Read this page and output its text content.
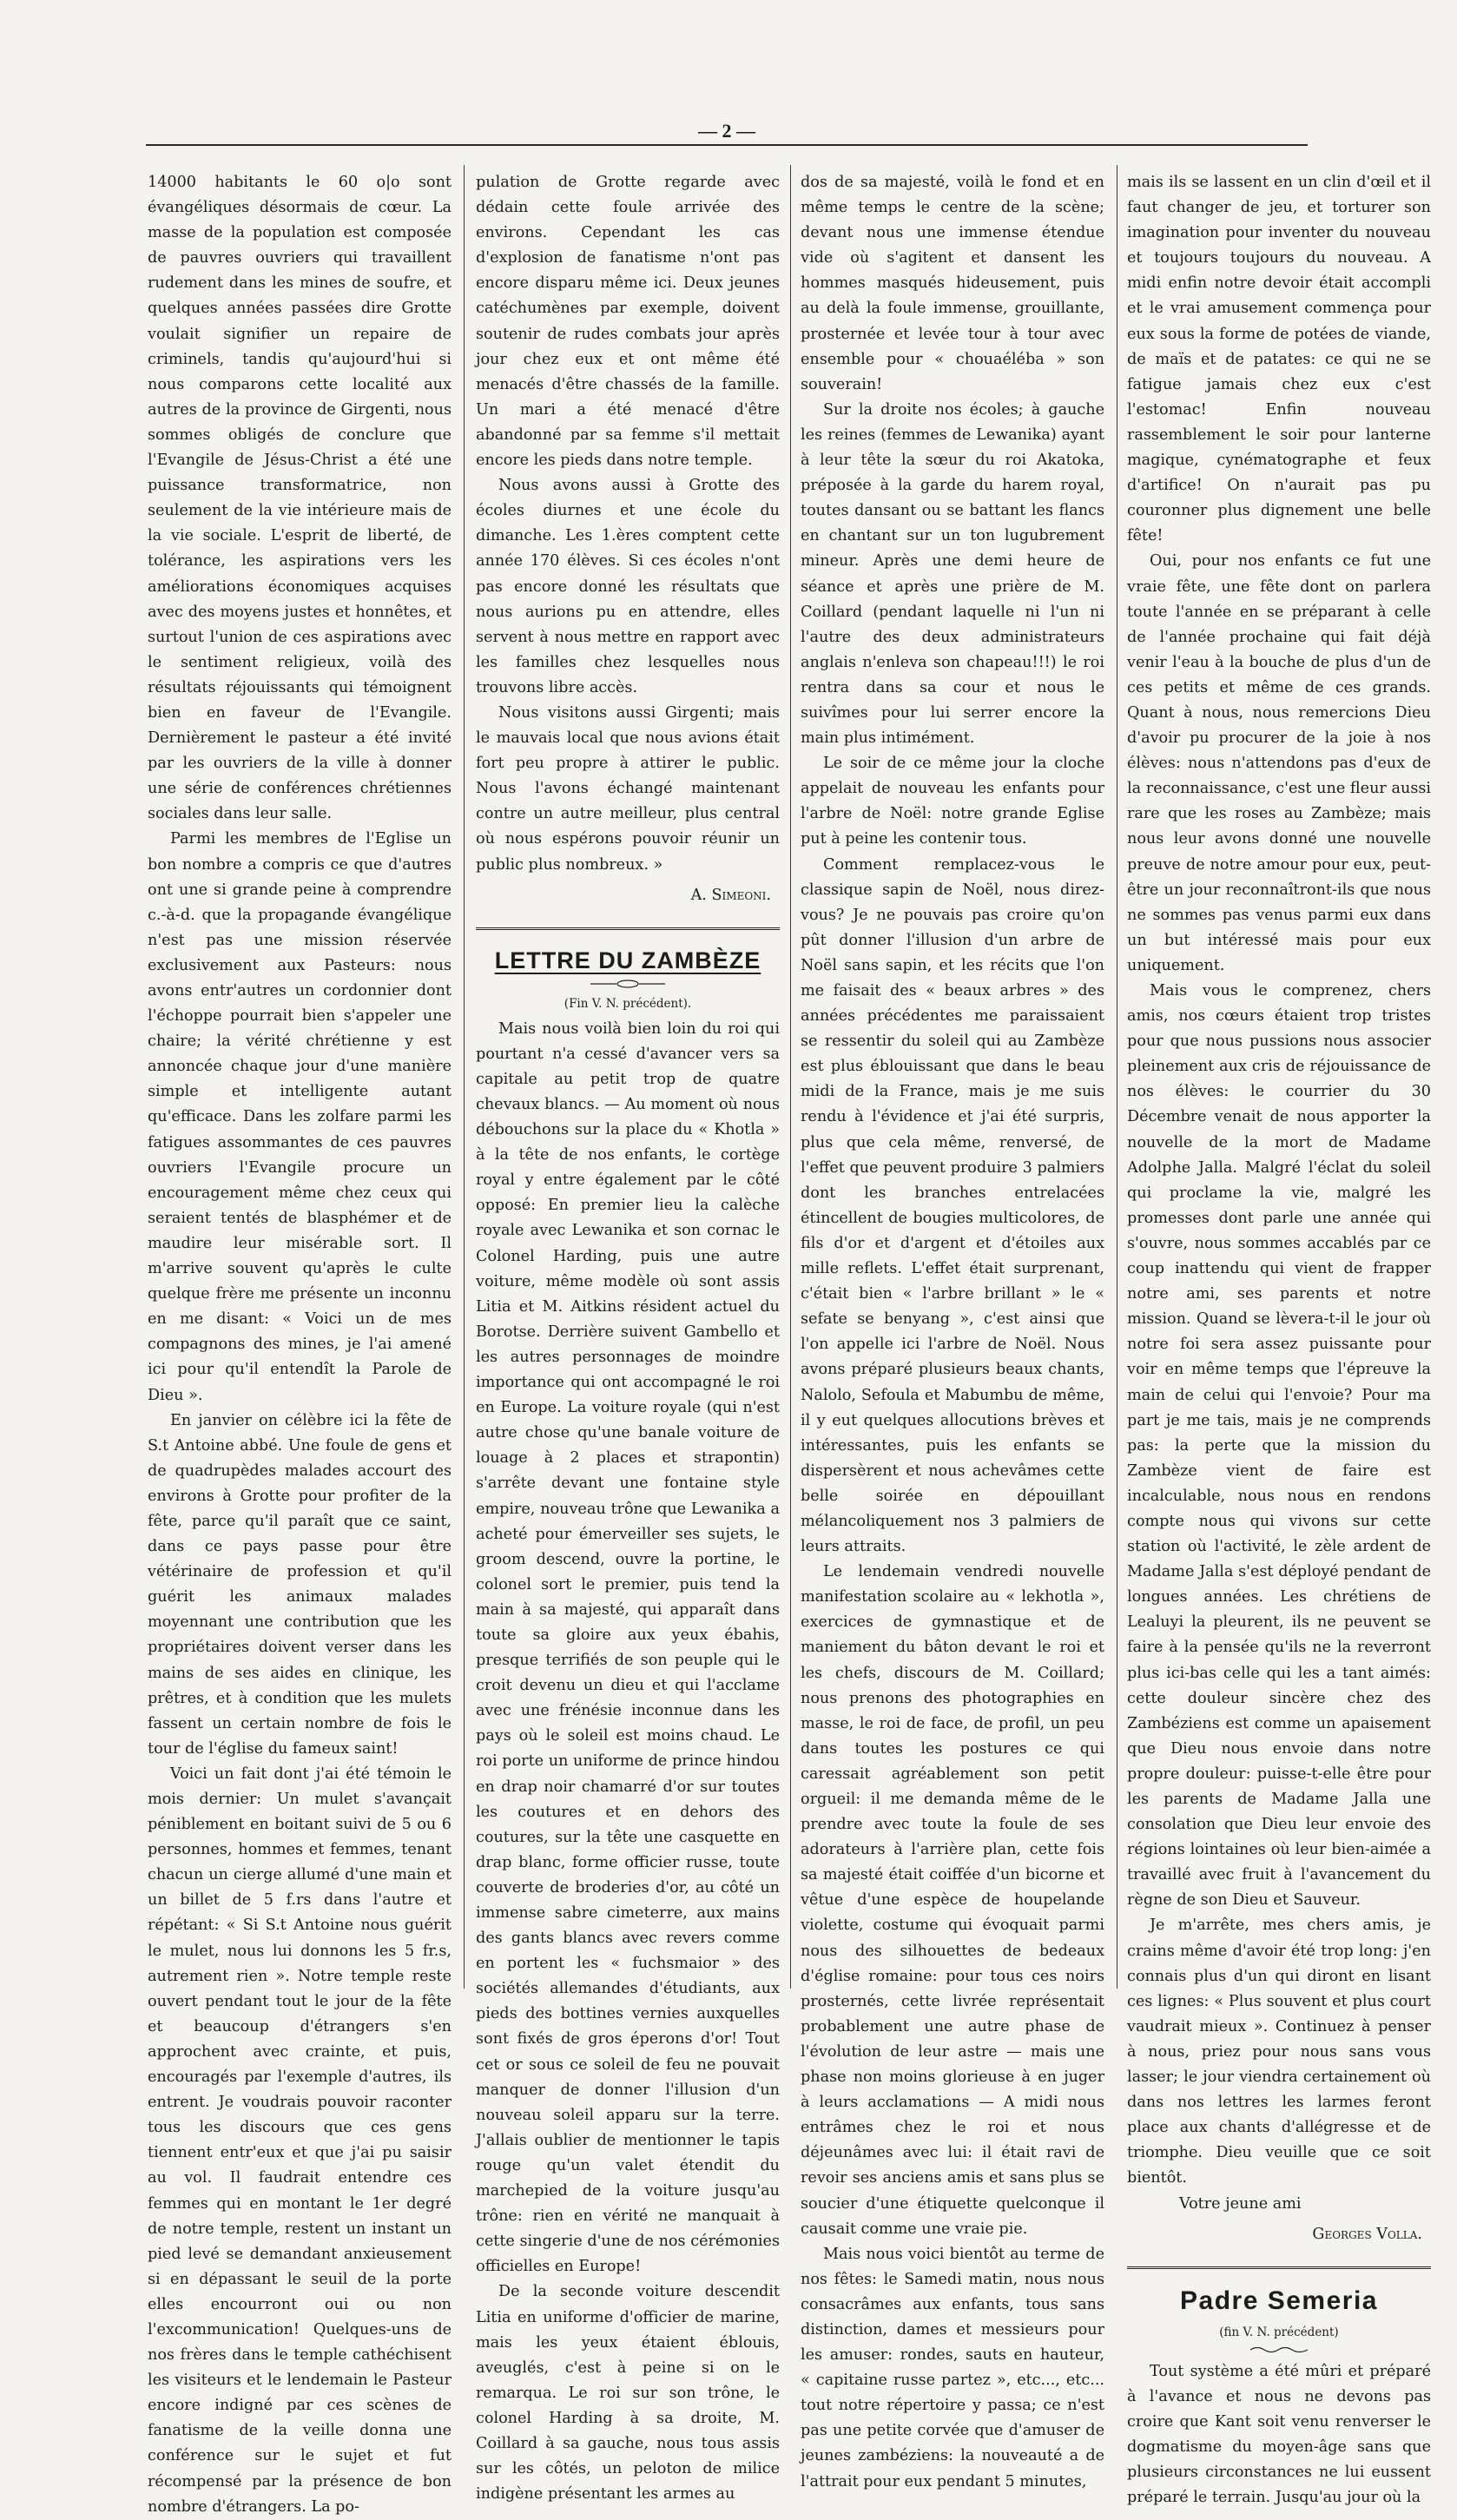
— 2 —

14000 habitants le 60 o|o sont évangéliques désormais de cœur. La masse de la population est composée de pauvres ouvriers qui travaillent rudement dans les mines de soufre, et quelques années passées dire Grotte voulait signifier un repaire de criminels, tandis qu'aujourd'hui si nous comparons cette localité aux autres de la province de Girgenti, nous sommes obligés de conclure que l'Evangile de Jésus-Christ a été une puissance transformatrice, non seulement de la vie intérieure mais de la vie sociale. L'esprit de liberté, de tolérance, les aspirations vers les améliorations économiques acquises avec des moyens justes et honnêtes, et surtout l'union de ces aspirations avec le sentiment religieux, voilà des résultats réjouissants qui témoignent bien en faveur de l'Evangile. Dernièrement le pasteur a été invité par les ouvriers de la ville à donner une série de conférences chrétiennes sociales dans leur salle.

Parmi les membres de l'Eglise un bon nombre a compris ce que d'autres ont une si grande peine à comprendre c.-à-d. que la propagande évangélique n'est pas une mission réservée exclusivement aux Pasteurs: nous avons entr'autres un cordonnier dont l'échoppe pourrait bien s'appeler une chaire; la vérité chrétienne y est annoncée chaque jour d'une manière simple et intelligente autant qu'efficace. Dans les zolfare parmi les fatigues assommantes de ces pauvres ouvriers l'Evangile procure un encouragement même chez ceux qui seraient tentés de blasphémer et de maudire leur misérable sort. Il m'arrive souvent qu'après le culte quelque frère me présente un inconnu en me disant: « Voici un de mes compagnons des mines, je l'ai amené ici pour qu'il entendît la Parole de Dieu ».

En janvier on célèbre ici la fête de S.t Antoine abbé. Une foule de gens et de quadrupèdes malades accourt des environs à Grotte pour profiter de la fête, parce qu'il paraît que ce saint, dans ce pays passe pour être vétérinaire de profession et qu'il guérit les animaux malades moyennant une contribution que les propriétaires doivent verser dans les mains de ses aides en clinique, les prêtres, et à condition que les mulets fassent un certain nombre de fois le tour de l'église du fameux saint!

Voici un fait dont j'ai été témoin le mois dernier: Un mulet s'avançait péniblement en boitant suivi de 5 ou 6 personnes, hommes et femmes, tenant chacun un cierge allumé d'une main et un billet de 5 f.rs dans l'autre et répétant: « Si S.t Antoine nous guérit le mulet, nous lui donnons les 5 fr.s, autrement rien ». Notre temple reste ouvert pendant tout le jour de la fête et beaucoup d'étrangers s'en approchent avec crainte, et puis, encouragés par l'exemple d'autres, ils entrent. Je voudrais pouvoir raconter tous les discours que ces gens tiennent entr'eux et que j'ai pu saisir au vol. Il faudrait entendre ces femmes qui en montant le 1er degré de notre temple, restent un instant un pied levé se demandant anxieusement si en dépassant le seuil de la porte elles encourront oui ou non l'excommunication! Quelques-uns de nos frères dans le temple cathéchisent les visiteurs et le lendemain le Pasteur encore indigné par ces scènes de fanatisme de la veille donna une conférence sur le sujet et fut récompensé par la présence de bon nombre d'étrangers. La po-

pulation de Grotte regarde avec dédain cette foule arrivée des environs. Cependant les cas d'explosion de fanatisme n'ont pas encore disparu même ici. Deux jeunes catéchumènes par exemple, doivent soutenir de rudes combats jour après jour chez eux et ont même été menacés d'être chassés de la famille. Un mari a été menacé d'être abandonné par sa femme s'il mettait encore les pieds dans notre temple.

Nous avons aussi à Grotte des écoles diurnes et une école du dimanche. Les 1.ères comptent cette année 170 élèves. Si ces écoles n'ont pas encore donné les résultats que nous aurions pu en attendre, elles servent à nous mettre en rapport avec les familles chez lesquelles nous trouvons libre accès.

Nous visitons aussi Girgenti; mais le mauvais local que nous avions était fort peu propre à attirer le public. Nous l'avons échangé maintenant contre un autre meilleur, plus central où nous espérons pouvoir réunir un public plus nombreux. »

A. Simeoni.

LETTRE DU ZAMBÈZE

(Fin V. N. précédent).

Mais nous voilà bien loin du roi qui pourtant n'a cessé d'avancer vers sa capitale au petit trop de quatre chevaux blancs. — Au moment où nous débouchons sur la place du « Khotla » à la tête de nos enfants, le cortège royal y entre également par le côté opposé: En premier lieu la calèche royale avec Lewanika et son cornac le Colonel Harding, puis une autre voiture, même modèle où sont assis Litia et M. Aitkins résident actuel du Borotse. Derrière suivent Gambello et les autres personnages de moindre importance qui ont accompagné le roi en Europe. La voiture royale (qui n'est autre chose qu'une banale voiture de louage à 2 places et strapontin) s'arrête devant une fontaine style empire, nouveau trône que Lewanika a acheté pour émerveiller ses sujets, le groom descend, ouvre la portine, le colonel sort le premier, puis tend la main à sa majesté, qui apparaît dans toute sa gloire aux yeux ébahis, presque terrifiés de son peuple qui le croit devenu un dieu et qui l'acclame avec une frénésie inconnue dans les pays où le soleil est moins chaud. Le roi porte un uniforme de prince hindou en drap noir chamarré d'or sur toutes les coutures et en dehors des coutures, sur la tête une casquette en drap blanc, forme officier russe, toute couverte de broderies d'or, au côté un immense sabre cimeterre, aux mains des gants blancs avec revers comme en portent les « fuchsmaior » des sociétés allemandes d'étudiants, aux pieds des bottines vernies auxquelles sont fixés de gros éperons d'or! Tout cet or sous ce soleil de feu ne pouvait manquer de donner l'illusion d'un nouveau soleil apparu sur la terre. J'allais oublier de mentionner le tapis rouge qu'un valet étendit du marchepied de la voiture jusqu'au trône: rien en vérité ne manquait à cette singerie d'une de nos cérémonies officielles en Europe!

De la seconde voiture descendit Litia en uniforme d'officier de marine, mais les yeux étaient éblouis, aveuglés, c'est à peine si on le remarqua. Le roi sur son trône, le colonel Harding à sa droite, M. Coillard à sa gauche, nous tous assis sur les côtés, un peloton de milice indigène présentant les armes au

dos de sa majesté, voilà le fond et en même temps le centre de la scène; devant nous une immense étendue vide où s'agitent et dansent les hommes masqués hideusement, puis au delà la foule immense, grouillante, prosternée et levée tour à tour avec ensemble pour « chouaéléba » son souverain!

Sur la droite nos écoles; à gauche les reines (femmes de Lewanika) ayant à leur tête la sœur du roi Akatoka, préposée à la garde du harem royal, toutes dansant ou se battant les flancs en chantant sur un ton lugubrement mineur. Après une demi heure de séance et après une prière de M. Coillard (pendant laquelle ni l'un ni l'autre des deux administrateurs anglais n'enleva son chapeau!!!) le roi rentra dans sa cour et nous le suivîmes pour lui serrer encore la main plus intimément.

Le soir de ce même jour la cloche appelait de nouveau les enfants pour l'arbre de Noël: notre grande Eglise put à peine les contenir tous.

Comment remplacez-vous le classique sapin de Noël, nous direz-vous? Je ne pouvais pas croire qu'on pût donner l'illusion d'un arbre de Noël sans sapin, et les récits que l'on me faisait des « beaux arbres » des années précédentes me paraissaient se ressentir du soleil qui au Zambèze est plus éblouissant que dans le beau midi de la France, mais je me suis rendu à l'évidence et j'ai été surpris, plus que cela même, renversé, de l'effet que peuvent produire 3 palmiers dont les branches entrelacées étincellent de bougies multicolores, de fils d'or et d'argent et d'étoiles aux mille reflets. L'effet était surprenant, c'était bien « l'arbre brillant » le « sefate se benyang », c'est ainsi que l'on appelle ici l'arbre de Noël. Nous avons préparé plusieurs beaux chants, Nalolo, Sefoula et Mabumbu de même, il y eut quelques allocutions brèves et intéressantes, puis les enfants se dispersèrent et nous achevâmes cette belle soirée en dépouillant mélancoliquement nos 3 palmiers de leurs attraits.

Le lendemain vendredi nouvelle manifestation scolaire au « lekhotla », exercices de gymnastique et de maniement du bâton devant le roi et les chefs, discours de M. Coillard; nous prenons des photographies en masse, le roi de face, de profil, un peu dans toutes les postures ce qui caressait agréablement son petit orgueil: il me demanda même de le prendre avec toute la foule de ses adorateurs à l'arrière plan, cette fois sa majesté était coiffée d'un bicorne et vêtue d'une espèce de houpelande violette, costume qui évoquait parmi nous des silhouettes de bedeaux d'église romaine: pour tous ces noirs prosternés, cette livrée représentait probablement une autre phase de l'évolution de leur astre — mais une phase non moins glorieuse à en juger à leurs acclamations — A midi nous entrâmes chez le roi et nous déjeunâmes avec lui: il était ravi de revoir ses anciens amis et sans plus se soucier d'une étiquette quelconque il causait comme une vraie pie.

Mais nous voici bientôt au terme de nos fêtes: le Samedi matin, nous nous consacrâmes aux enfants, tous sans distinction, dames et messieurs pour les amuser: rondes, sauts en hauteur, « capitaine russe partez », etc..., etc... tout notre répertoire y passa; ce n'est pas une petite corvée que d'amuser de jeunes zambéziens: la nouveauté a de l'attrait pour eux pendant 5 minutes,

mais ils se lassent en un clin d'œil et il faut changer de jeu, et torturer son imagination pour inventer du nouveau et toujours toujours du nouveau. A midi enfin notre devoir était accompli et le vrai amusement commença pour eux sous la forme de potées de viande, de maïs et de patates: ce qui ne se fatigue jamais chez eux c'est l'estomac! Enfin nouveau rassemblement le soir pour lanterne magique, cynématographe et feux d'artifice! On n'aurait pas pu couronner plus dignement une belle fête!

Oui, pour nos enfants ce fut une vraie fête, une fête dont on parlera toute l'année en se préparant à celle de l'année prochaine qui fait déjà venir l'eau à la bouche de plus d'un de ces petits et même de ces grands. Quant à nous, nous remercions Dieu d'avoir pu procurer de la joie à nos élèves: nous n'attendons pas d'eux de la reconnaissance, c'est une fleur aussi rare que les roses au Zambèze; mais nous leur avons donné une nouvelle preuve de notre amour pour eux, peut-être un jour reconnaîtront-ils que nous ne sommes pas venus parmi eux dans un but intéressé mais pour eux uniquement.

Mais vous le comprenez, chers amis, nos cœurs étaient trop tristes pour que nous pussions nous associer pleinement aux cris de réjouissance de nos élèves: le courrier du 30 Décembre venait de nous apporter la nouvelle de la mort de Madame Adolphe Jalla. Malgré l'éclat du soleil qui proclame la vie, malgré les promesses dont parle une année qui s'ouvre, nous sommes accablés par ce coup inattendu qui vient de frapper notre ami, ses parents et notre mission. Quand se lèvera-t-il le jour où notre foi sera assez puissante pour voir en même temps que l'épreuve la main de celui qui l'envoie? Pour ma part je me tais, mais je ne comprends pas: la perte que la mission du Zambèze vient de faire est incalculable, nous nous en rendons compte nous qui vivons sur cette station où l'activité, le zèle ardent de Madame Jalla s'est déployé pendant de longues années. Les chrétiens de Lealuyi la pleurent, ils ne peuvent se faire à la pensée qu'ils ne la reverront plus ici-bas celle qui les a tant aimés: cette douleur sincère chez des Zambéziens est comme un apaisement que Dieu nous envoie dans notre propre douleur: puisse-t-elle être pour les parents de Madame Jalla une consolation que Dieu leur envoie des régions lointaines où leur bien-aimée a travaillé avec fruit à l'avancement du règne de son Dieu et Sauveur.

Je m'arrête, mes chers amis, je crains même d'avoir été trop long: j'en connais plus d'un qui diront en lisant ces lignes: « Plus souvent et plus court vaudrait mieux ». Continuez à penser à nous, priez pour nous sans vous lasser; le jour viendra certainement où dans nos lettres les larmes feront place aux chants d'allégresse et de triomphe. Dieu veuille que ce soit bientôt.

Votre jeune ami

Georges Volla.

Padre Semeria

(fin V. N. précédent)

Tout système a été mûri et préparé à l'avance et nous ne devons pas croire que Kant soit venu renverser le dogmatisme du moyen-âge sans que plusieurs circonstances ne lui eussent préparé le terrain. Jusqu'au jour où la
